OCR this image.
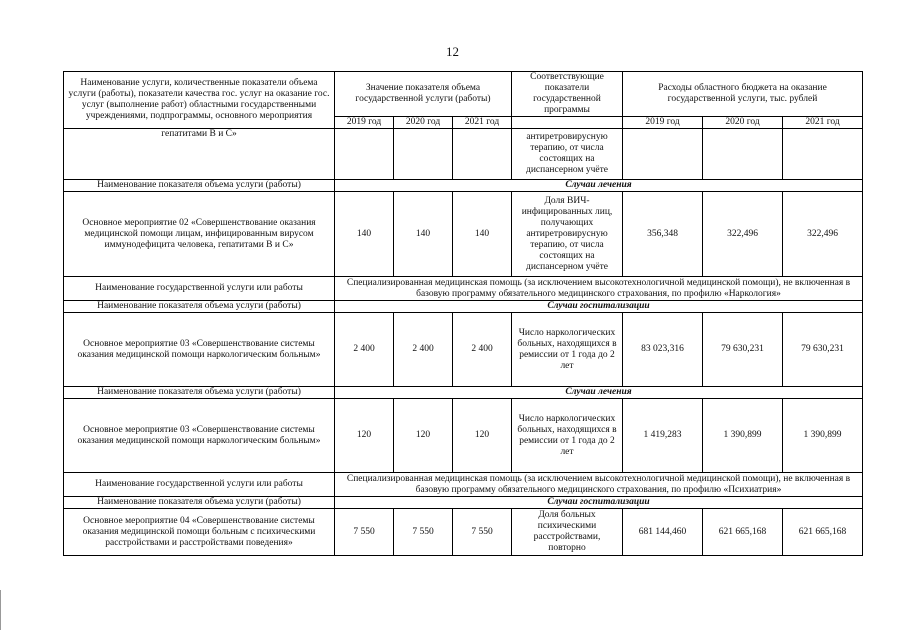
12
Наименование услуги, количественные показатели объема услуги (работы), показатели качества гос. услуг на оказание гос. услуг (выполнение работ) областными государственными учреждениями, подпрограммы, основного мероприятия	Значение показателя объема государственной услуги (работы)			Соответствующие показатели государственной программы	Расходы областного бюджета на оказание государственной услуги, тыс. рублей		
	2019 год	2020 год	2021 год		2019 год	2020 год	2021 год
гепатитами В и С»				антиретровирусную терапию, от числа состоящих на диспансерном учёте			
Наименование показателя объема услуги (работы)	Случаи лечения						
Основное мероприятие 02 «Совершенствование оказания медицинской помощи лицам, инфицированным вирусом иммунодефицита человека, гепатитами В и С»	140	140	140	Доля ВИЧ-инфицированных лиц, получающих антиретровирусную терапию, от числа состоящих на диспансерном учёте	356,348	322,496	322,496
Наименование государственной услуги или работы	Специализированная медицинская помощь (за исключением высокотехнологичной медицинской помощи), не включенная в базовую программу обязательного медицинского страхования, по профилю «Наркология»						
Наименование показателя объема услуги (работы)	Случаи госпитализации						
Основное мероприятие 03 «Совершенствование системы оказания медицинской помощи наркологическим больным»	2 400	2 400	2 400	Число наркологических больных, находящихся в ремиссии от 1 года до 2 лет	83 023,316	79 630,231	79 630,231
Наименование показателя объема услуги (работы)	Случаи лечения						
Основное мероприятие 03 «Совершенствование системы оказания медицинской помощи наркологическим больным»	120	120	120	Число наркологических больных, находящихся в ремиссии от 1 года до 2 лет	1 419,283	1 390,899	1 390,899
Наименование государственной услуги или работы	Специализированная медицинская помощь (за исключением высокотехнологичной медицинской помощи), не включенная в базовую программу обязательного медицинского страхования, по профилю «Психиатрия»						
Наименование показателя объема услуги (работы)	Случаи госпитализации						
Основное мероприятие 04 «Совершенствование системы оказания медицинской помощи больным с психическими расстройствами и расстройствами поведения»	7 550	7 550	7 550	Доля больных психическими расстройствами, повторно	681 144,460	621 665,168	621 665,168
